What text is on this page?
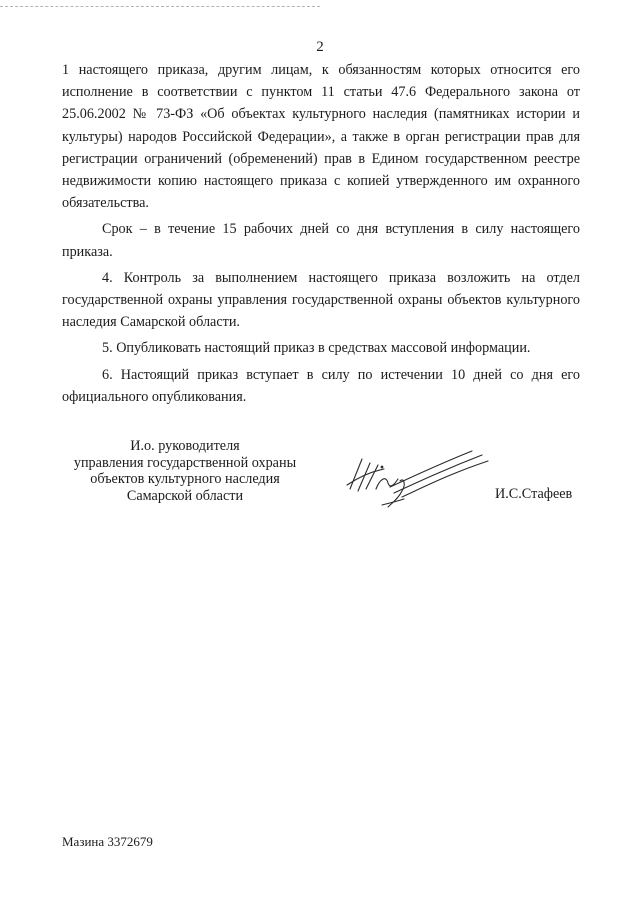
2

1 настоящего приказа, другим лицам, к обязанностям которых относится его исполнение в соответствии с пунктом 11 статьи 47.6 Федерального закона от 25.06.2002 № 73-ФЗ «Об объектах культурного наследия (памятниках истории и культуры) народов Российской Федерации», а также в орган регистрации прав для регистрации ограничений (обременений) прав в Едином государственном реестре недвижимости копию настоящего приказа с копией утвержденного им охранного обязательства.

Срок – в течение 15 рабочих дней со дня вступления в силу настоящего приказа.

4. Контроль за выполнением настоящего приказа возложить на отдел государственной охраны управления государственной охраны объектов культурного наследия Самарской области.

5. Опубликовать настоящий приказ в средствах массовой информации.

6. Настоящий приказ вступает в силу по истечении 10 дней со дня его официального опубликования.

И.о. руководителя
управления государственной охраны
объектов культурного наследия
Самарской области	И.С.Стафеев
Мазина 3372679
